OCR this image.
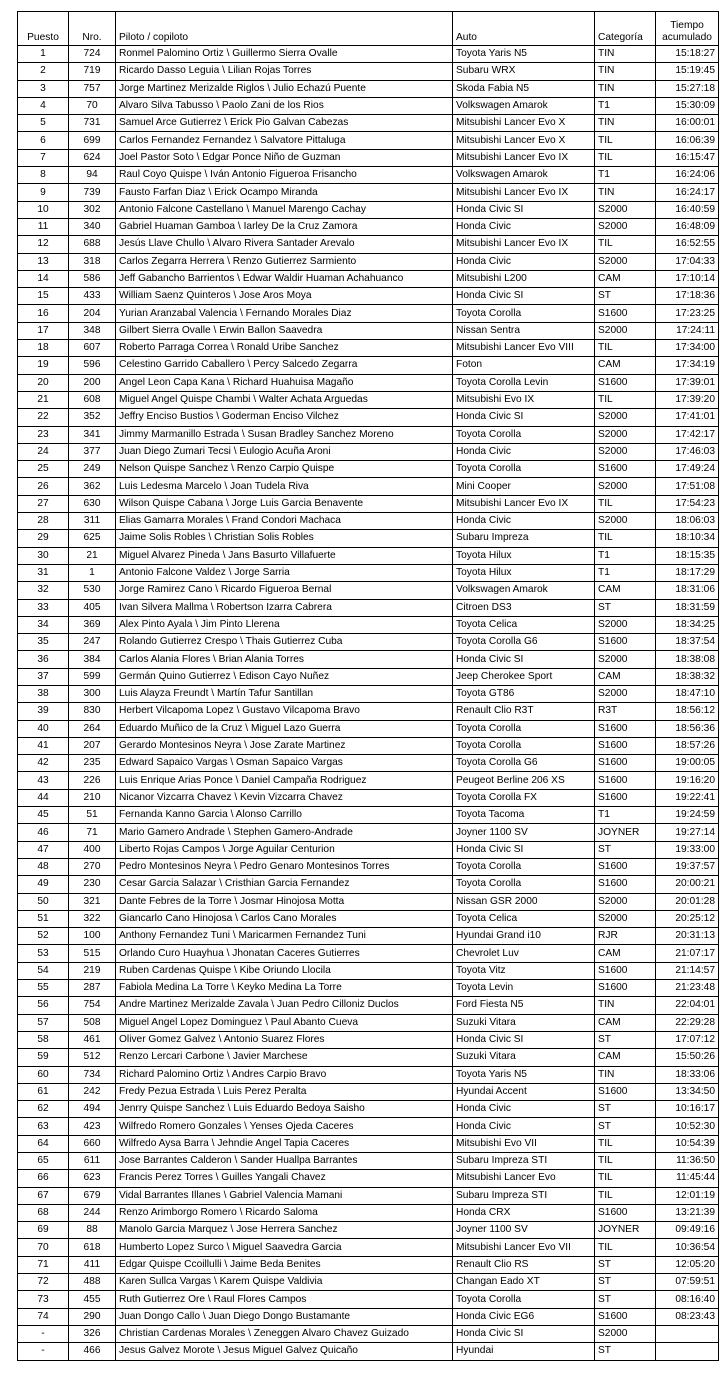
Puesto	Nro.	Piloto / copiloto	Auto	Categoría	Tiempo acumulado
1	724	Ronmel Palomino Ortiz \ Guillermo Sierra Ovalle	Toyota Yaris N5	TIN	15:18:27
2	719	Ricardo Dasso Leguia \ Lilian Rojas Torres	Subaru WRX	TIN	15:19:45
3	757	Jorge Martinez Merizalde Riglos \ Julio Echazú Puente	Skoda Fabia N5	TIN	15:27:18
4	70	Alvaro Silva Tabusso \ Paolo Zani de los Rios	Volkswagen Amarok	T1	15:30:09
5	731	Samuel Arce Gutierrez \ Erick Pio Galvan Cabezas	Mitsubishi Lancer Evo X	TIN	16:00:01
6	699	Carlos Fernandez Fernandez \ Salvatore Pittaluga	Mitsubishi Lancer Evo X	TIL	16:06:39
7	624	Joel Pastor Soto \ Edgar Ponce Niño de Guzman	Mitsubishi Lancer Evo IX	TIL	16:15:47
8	94	Raul Coyo Quispe \ Iván Antonio Figueroa Frisancho	Volkswagen Amarok	T1	16:24:06
9	739	Fausto Farfan Diaz \ Erick Ocampo Miranda	Mitsubishi Lancer Evo IX	TIN	16:24:17
10	302	Antonio Falcone Castellano \ Manuel Marengo Cachay	Honda Civic SI	S2000	16:40:59
11	340	Gabriel Huaman Gamboa \ Iarley De la Cruz Zamora	Honda Civic	S2000	16:48:09
12	688	Jesús Llave Chullo \ Alvaro Rivera Santader Arevalo	Mitsubishi Lancer Evo IX	TIL	16:52:55
13	318	Carlos Zegarra Herrera \ Renzo Gutierrez Sarmiento	Honda Civic	S2000	17:04:33
14	586	Jeff Gabancho Barrientos \ Edwar Waldir Huaman Achahuanco	Mitsubishi L200	CAM	17:10:14
15	433	William Saenz Quinteros \ Jose Aros Moya	Honda Civic SI	ST	17:18:36
16	204	Yurian Aranzabal Valencia \ Fernando Morales Diaz	Toyota Corolla	S1600	17:23:25
17	348	Gilbert Sierra Ovalle \ Erwin Ballon Saavedra	Nissan Sentra	S2000	17:24:11
18	607	Roberto Parraga Correa \ Ronald Uribe Sanchez	Mitsubishi Lancer Evo VIII	TIL	17:34:00
19	596	Celestino Garrido Caballero \ Percy Salcedo Zegarra	Foton	CAM	17:34:19
20	200	Angel Leon Capa Kana \ Richard Huahuisa Magaño	Toyota Corolla Levin	S1600	17:39:01
21	608	Miguel Angel Quispe Chambi \ Walter Achata Arguedas	Mitsubishi Evo IX	TIL	17:39:20
22	352	Jeffry Enciso Bustios \ Goderman Enciso Vilchez	Honda Civic SI	S2000	17:41:01
23	341	Jimmy Marmanillo Estrada \ Susan Bradley Sanchez Moreno	Toyota Corolla	S2000	17:42:17
24	377	Juan Diego Zumari Tecsi \ Eulogio Acuña Aroni	Honda Civic	S2000	17:46:03
25	249	Nelson Quispe Sanchez \ Renzo Carpio Quispe	Toyota Corolla	S1600	17:49:24
26	362	Luis Ledesma Marcelo \ Joan Tudela Riva	Mini Cooper	S2000	17:51:08
27	630	Wilson Quispe Cabana \ Jorge Luis Garcia Benavente	Mitsubishi Lancer Evo IX	TIL	17:54:23
28	311	Elias Gamarra Morales \ Frand Condori Machaca	Honda Civic	S2000	18:06:03
29	625	Jaime Solis Robles \ Christian Solis Robles	Subaru Impreza	TIL	18:10:34
30	21	Miguel Alvarez Pineda \ Jans Basurto Villafuerte	Toyota Hilux	T1	18:15:35
31	1	Antonio Falcone Valdez \ Jorge Sarria	Toyota Hilux	T1	18:17:29
32	530	Jorge Ramirez Cano \ Ricardo Figueroa Bernal	Volkswagen Amarok	CAM	18:31:06
33	405	Ivan Silvera Mallma \ Robertson Izarra Cabrera	Citroen DS3	ST	18:31:59
34	369	Alex Pinto Ayala \ Jim Pinto Llerena	Toyota Celica	S2000	18:34:25
35	247	Rolando Gutierrez Crespo \ Thais Gutierrez Cuba	Toyota Corolla G6	S1600	18:37:54
36	384	Carlos Alania Flores \ Brian Alania Torres	Honda Civic SI	S2000	18:38:08
37	599	Germán Quino Gutierrez \ Edison Cayo Nuñez	Jeep Cherokee Sport	CAM	18:38:32
38	300	Luis Alayza Freundt \ Martín Tafur Santillan	Toyota GT86	S2000	18:47:10
39	830	Herbert Vilcapoma Lopez \ Gustavo Vilcapoma Bravo	Renault Clio R3T	R3T	18:56:12
40	264	Eduardo Muñico de la Cruz \ Miguel Lazo Guerra	Toyota Corolla	S1600	18:56:36
41	207	Gerardo Montesinos Neyra \ Jose Zarate Martinez	Toyota Corolla	S1600	18:57:26
42	235	Edward Sapaico Vargas \ Osman Sapaico Vargas	Toyota Corolla G6	S1600	19:00:05
43	226	Luis Enrique Arias Ponce \ Daniel Campaña Rodriguez	Peugeot Berline 206 XS	S1600	19:16:20
44	210	Nicanor Vizcarra Chavez \ Kevin Vizcarra Chavez	Toyota Corolla FX	S1600	19:22:41
45	51	Fernanda Kanno Garcia \ Alonso Carrillo	Toyota Tacoma	T1	19:24:59
46	71	Mario Gamero Andrade \ Stephen Gamero-Andrade	Joyner 1100 SV	JOYNER	19:27:14
47	400	Liberto Rojas Campos \ Jorge Aguilar Centurion	Honda Civic SI	ST	19:33:00
48	270	Pedro Montesinos Neyra \ Pedro Genaro Montesinos Torres	Toyota Corolla	S1600	19:37:57
49	230	Cesar Garcia Salazar \ Cristhian Garcia Fernandez	Toyota Corolla	S1600	20:00:21
50	321	Dante Febres de la Torre \ Josmar Hinojosa Motta	Nissan GSR 2000	S2000	20:01:28
51	322	Giancarlo Cano Hinojosa \ Carlos Cano Morales	Toyota Celica	S2000	20:25:12
52	100	Anthony Fernandez Tuni \ Maricarmen Fernandez Tuni	Hyundai Grand i10	RJR	20:31:13
53	515	Orlando Curo Huayhua \ Jhonatan Caceres Gutierres	Chevrolet Luv	CAM	21:07:17
54	219	Ruben Cardenas Quispe \ Kibe Oriundo Llocila	Toyota Vitz	S1600	21:14:57
55	287	Fabiola Medina La Torre \ Keyko Medina La Torre	Toyota Levin	S1600	21:23:48
56	754	Andre Martinez Merizalde Zavala \ Juan Pedro Cilloniz Duclos	Ford Fiesta N5	TIN	22:04:01
57	508	Miguel Angel Lopez Dominguez \ Paul Abanto Cueva	Suzuki Vitara	CAM	22:29:28
58	461	Oliver Gomez Galvez \ Antonio Suarez Flores	Honda Civic SI	ST	17:07:12
59	512	Renzo Lercari Carbone \ Javier Marchese	Suzuki Vitara	CAM	15:50:26
60	734	Richard Palomino Ortiz \ Andres Carpio Bravo	Toyota Yaris N5	TIN	18:33:06
61	242	Fredy Pezua Estrada \ Luis Perez Peralta	Hyundai Accent	S1600	13:34:50
62	494	Jenrry Quispe Sanchez \ Luis Eduardo Bedoya Saisho	Honda Civic	ST	10:16:17
63	423	Wilfredo Romero Gonzales \ Yenses Ojeda Caceres	Honda Civic	ST	10:52:30
64	660	Wilfredo Aysa Barra \ Jehndie Angel Tapia Caceres	Mitsubishi Evo VII	TIL	10:54:39
65	611	Jose Barrantes Calderon \ Sander Huallpa Barrantes	Subaru Impreza STI	TIL	11:36:50
66	623	Francis Perez Torres \ Guilles Yangali Chavez	Mitsubishi Lancer Evo	TIL	11:45:44
67	679	Vidal Barrantes Illanes \ Gabriel Valencia Mamani	Subaru Impreza STI	TIL	12:01:19
68	244	Renzo Arimborgo Romero \ Ricardo Saloma	Honda CRX	S1600	13:21:39
69	88	Manolo Garcia Marquez \ Jose Herrera Sanchez	Joyner 1100 SV	JOYNER	09:49:16
70	618	Humberto Lopez Surco \ Miguel Saavedra Garcia	Mitsubishi Lancer Evo VII	TIL	10:36:54
71	411	Edgar Quispe Ccoillulli \ Jaime Beda Benites	Renault Clio RS	ST	12:05:20
72	488	Karen Sullca Vargas \ Karem Quispe Valdivia	Changan Eado XT	ST	07:59:51
73	455	Ruth Gutierrez Ore \ Raul Flores Campos	Toyota Corolla	ST	08:16:40
74	290	Juan Dongo Callo \ Juan Diego Dongo Bustamante	Honda Civic EG6	S1600	08:23:43
-	326	Christian Cardenas Morales \ Zeneggen Alvaro Chavez Guizado	Honda Civic SI	S2000	
-	466	Jesus Galvez Morote \ Jesus Miguel Galvez Quicaño	Hyundai	ST	
